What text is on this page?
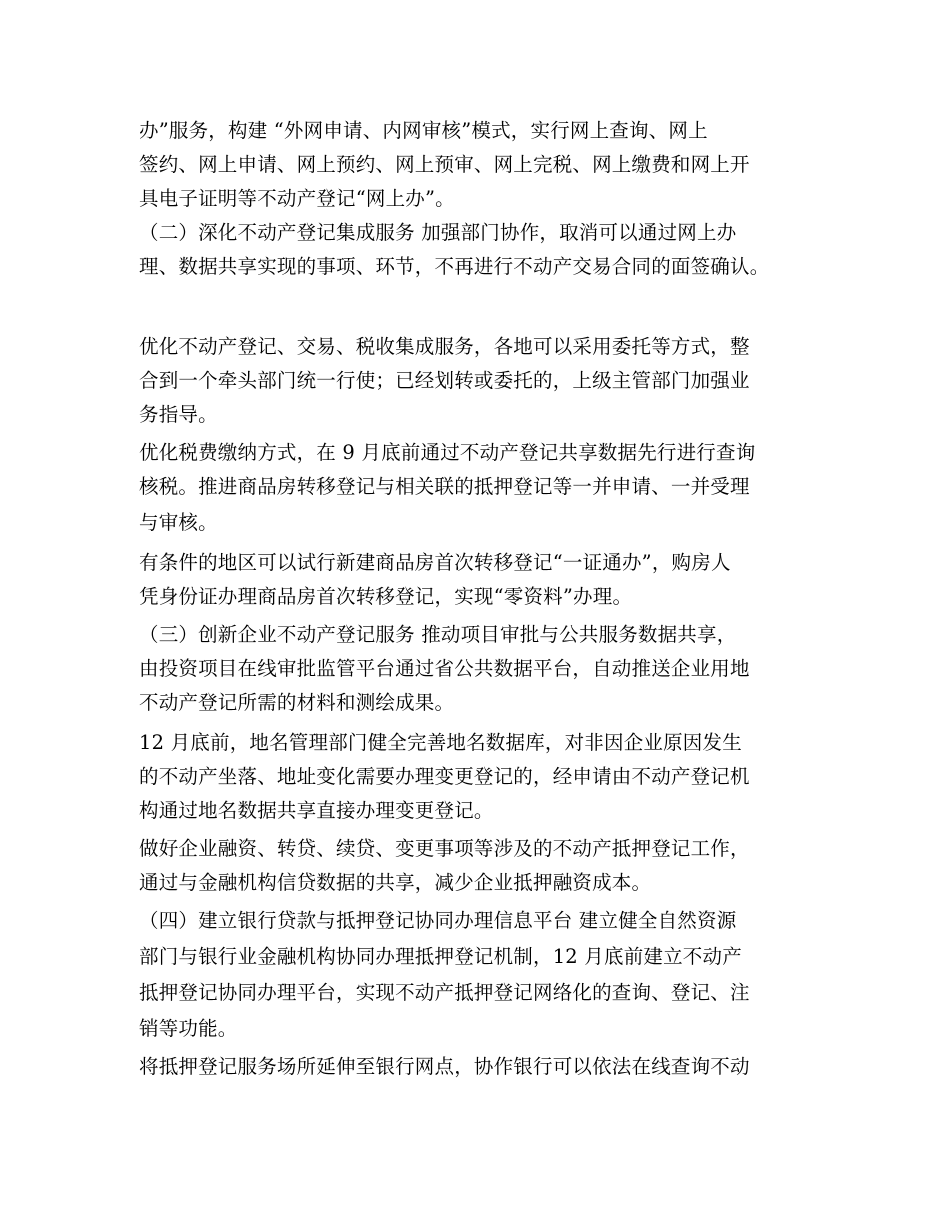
办”服务，构建 “外网申请、内网审核”模式，实行网上查询、网上
签约、网上申请、网上预约、网上预审、网上完税、网上缴费和网上开
具电子证明等不动产登记“网上办”。
（二）深化不动产登记集成服务 加强部门协作，取消可以通过网上办
理、数据共享实现的事项、环节，不再进行不动产交易合同的面签确认。
优化不动产登记、交易、税收集成服务，各地可以采用委托等方式，整
合到一个牵头部门统一行使；已经划转或委托的，上级主管部门加强业
务指导。
优化税费缴纳方式，在 9 月底前通过不动产登记共享数据先行进行查询
核税。推进商品房转移登记与相关联的抵押登记等一并申请、一并受理
与审核。
有条件的地区可以试行新建商品房首次转移登记“一证通办”，购房人
凭身份证办理商品房首次转移登记，实现“零资料”办理。
（三）创新企业不动产登记服务 推动项目审批与公共服务数据共享，
由投资项目在线审批监管平台通过省公共数据平台，自动推送企业用地
不动产登记所需的材料和测绘成果。
12 月底前，地名管理部门健全完善地名数据库，对非因企业原因发生
的不动产坐落、地址变化需要办理变更登记的，经申请由不动产登记机
构通过地名数据共享直接办理变更登记。
做好企业融资、转贷、续贷、变更事项等涉及的不动产抵押登记工作，
通过与金融机构信贷数据的共享，减少企业抵押融资成本。
（四）建立银行贷款与抵押登记协同办理信息平台 建立健全自然资源
部门与银行业金融机构协同办理抵押登记机制，12 月底前建立不动产
抵押登记协同办理平台，实现不动产抵押登记网络化的查询、登记、注
销等功能。
将抵押登记服务场所延伸至银行网点，协作银行可以依法在线查询不动
